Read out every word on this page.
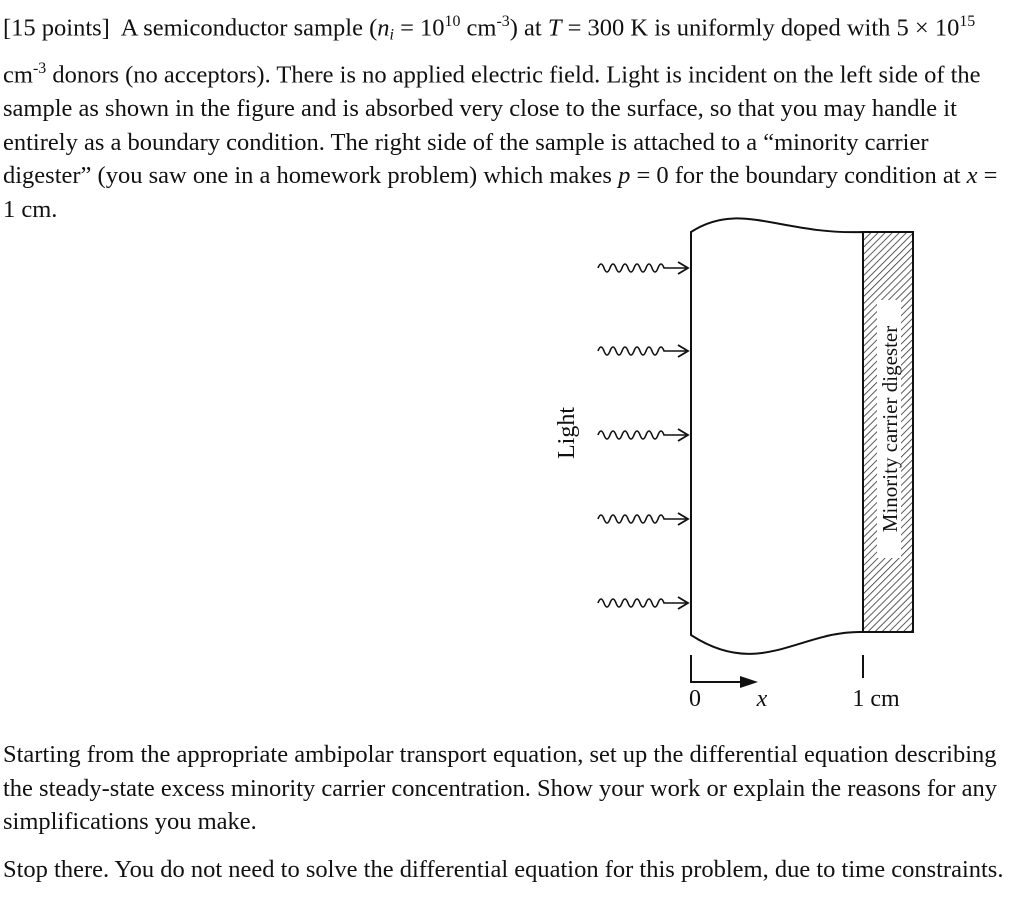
[15 points] A semiconductor sample ($n_i = 10^{10}$ $cm^{-3}$) at T = 300 K is uniformly doped with $5 \times 10^{15}$ $cm^{-3}$ donors (no acceptors). There is no applied electric field. Light is incident on the left side of the sample as shown in the figure and is absorbed very close to the surface, so that you may handle it entirely as a boundary condition. The right side of the sample is attached to a “minority carrier digester” (you saw one in a homework problem) which makes p = 0 for the boundary condition at x = 1 cm.

Minority carrier digester
Light
0 x	1 cm

Starting from the appropriate ambipolar transport equation, set up the differential equation describing the steady-state excess minority carrier concentration. Show your work or explain the reasons for any simplifications you make.

Stop there. You do not need to solve the differential equation for this problem, due to time constraints.
